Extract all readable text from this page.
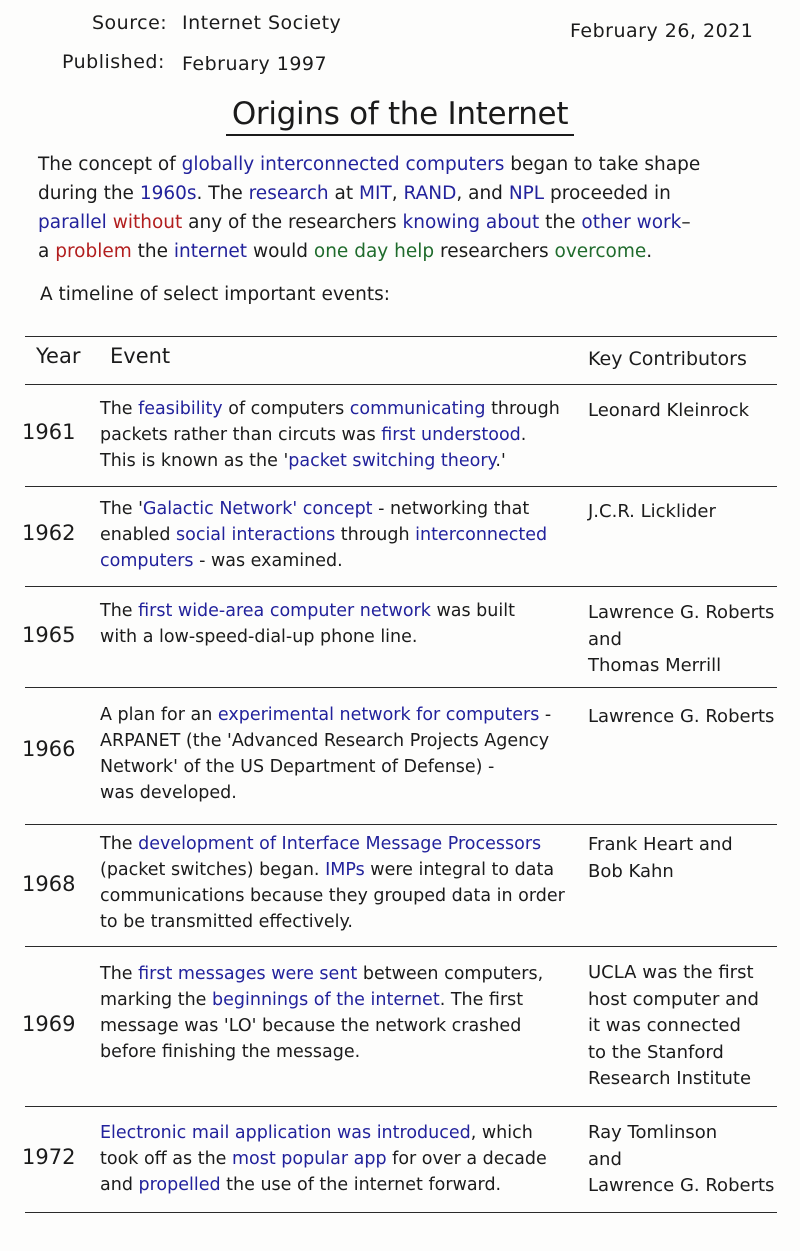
Source: Internet Society
Published: February 1997
February 26, 2021
Origins of the Internet
The concept of globally interconnected computers began to take shape
during the 1960s. The research at MIT, RAND, and NPL proceeded in
parallel without any of the researchers knowing about the other work–
a problem the internet would one day help researchers overcome.
A timeline of select important events:
Year Event	Key Contributors
1961
The feasibility of computers communicating through
packets rather than circuts was first understood.
This is known as the 'packet switching theory.'
Leonard Kleinrock
1962
The 'Galactic Network' concept - networking that
enabled social interactions through interconnected
computers - was examined.
J.C.R. Licklider
1965
The first wide-area computer network was built
with a low-speed-dial-up phone line.
Lawrence G. Roberts
and
Thomas Merrill
1966
A plan for an experimental network for computers -
ARPANET (the 'Advanced Research Projects Agency
Network' of the US Department of Defense) -
was developed.
Lawrence G. Roberts
1968
The development of Interface Message Processors
(packet switches) began. IMPs were integral to data
communications because they grouped data in order
to be transmitted effectively.
Frank Heart and
Bob Kahn
1969
The first messages were sent between computers,
marking the beginnings of the internet. The first
message was 'LO' because the network crashed
before finishing the message.
UCLA was the first
host computer and
it was connected
to the Stanford
Research Institute
1972
Electronic mail application was introduced, which
took off as the most popular app for over a decade
and propelled the use of the internet forward.
Ray Tomlinson
and
Lawrence G. Roberts
